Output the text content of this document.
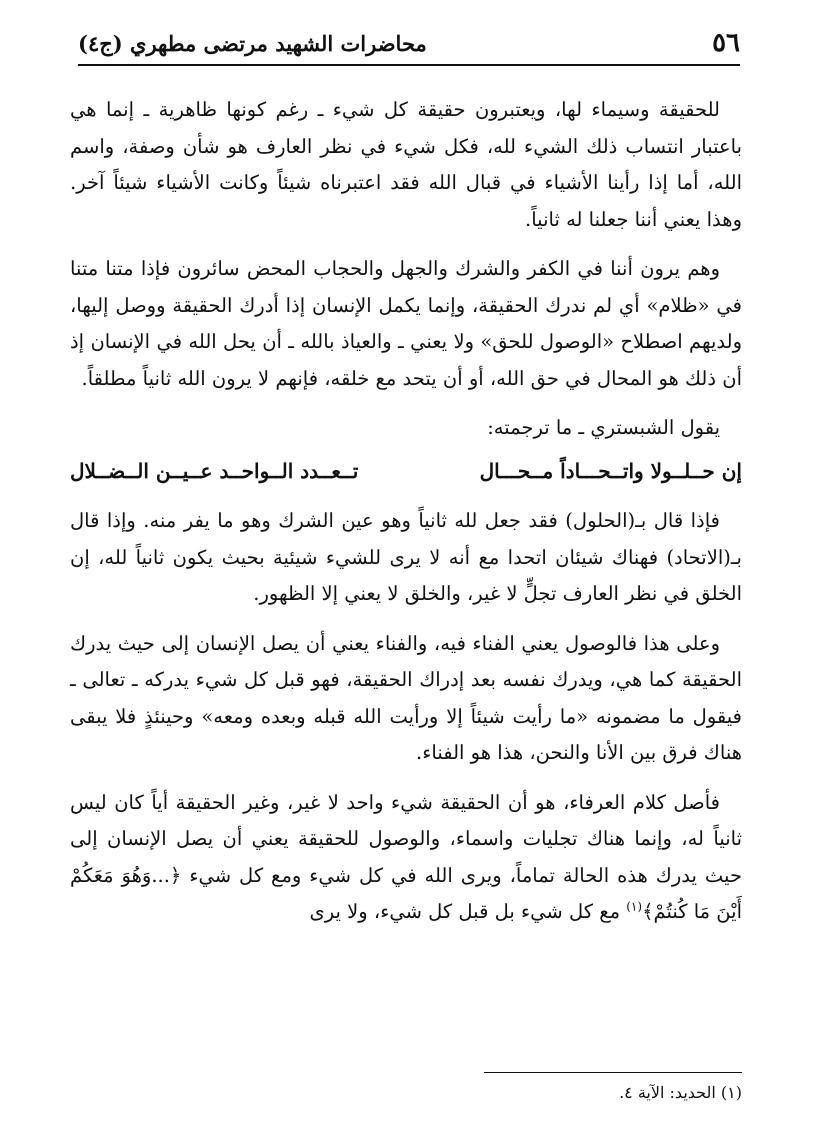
٥٦
محاضرات الشهيد مرتضى مطهري (ج٤)

للحقيقة وسيماء لها، ويعتبرون حقيقة كل شيء ـ رغم كونها ظاهرية ـ إنما هي باعتبار انتساب ذلك الشيء لله، فكل شيء في نظر العارف هو شأن وصفة، واسم الله، أما إذا رأينا الأشياء في قبال الله فقد اعتبرناه شيئاً وكانت الأشياء شيئاً آخر. وهذا يعني أننا جعلنا له ثانياً.

وهم يرون أننا في الكفر والشرك والجهل والحجاب المحض سائرون فإذا متنا متنا في «ظلام» أي لم ندرك الحقيقة، وإنما يكمل الإنسان إذا أدرك الحقيقة ووصل إليها، ولديهم اصطلاح «الوصول للحق» ولا يعني ـ والعياذ بالله ـ أن يحل الله في الإنسان إذ أن ذلك هو المحال في حق الله، أو أن يتحد مع خلقه، فإنهم لا يرون الله ثانياً مطلقاً.

يقول الشبستري ـ ما ترجمته:

إن حــلــولا واتــحـــاداً مــحـــال
تــعــدد الــواحــد عــيــن الــضــلال

فإذا قال بـ(الحلول) فقد جعل لله ثانياً وهو عين الشرك وهو ما يفر منه. وإذا قال بـ(الاتحاد) فهناك شيئان اتحدا مع أنه لا يرى للشيء شيئية بحيث يكون ثانياً لله، إن الخلق في نظر العارف تجلٍّ لا غير، والخلق لا يعني إلا الظهور.

وعلى هذا فالوصول يعني الفناء فيه، والفناء يعني أن يصل الإنسان إلى حيث يدرك الحقيقة كما هي، ويدرك نفسه بعد إدراك الحقيقة، فهو قبل كل شيء يدركه ـ تعالى ـ فيقول ما مضمونه «ما رأيت شيئاً إلا ورأيت الله قبله وبعده ومعه» وحينئذٍ فلا يبقى هناك فرق بين الأنا والنحن، هذا هو الفناء.

فأصل كلام العرفاء، هو أن الحقيقة شيء واحد لا غير، وغير الحقيقة أياً كان ليس ثانياً له، وإنما هناك تجليات واسماء، والوصول للحقيقة يعني أن يصل الإنسان إلى حيث يدرك هذه الحالة تماماً، ويرى الله في كل شيء ومع كل شيء ﴿...وَهُوَ مَعَكُمْ أَيْنَ مَا كُنتُمْ﴾$^{(١)}$ مع كل شيء بل قبل كل شيء، ولا يرى

(١) الحديد: الآية ٤.
